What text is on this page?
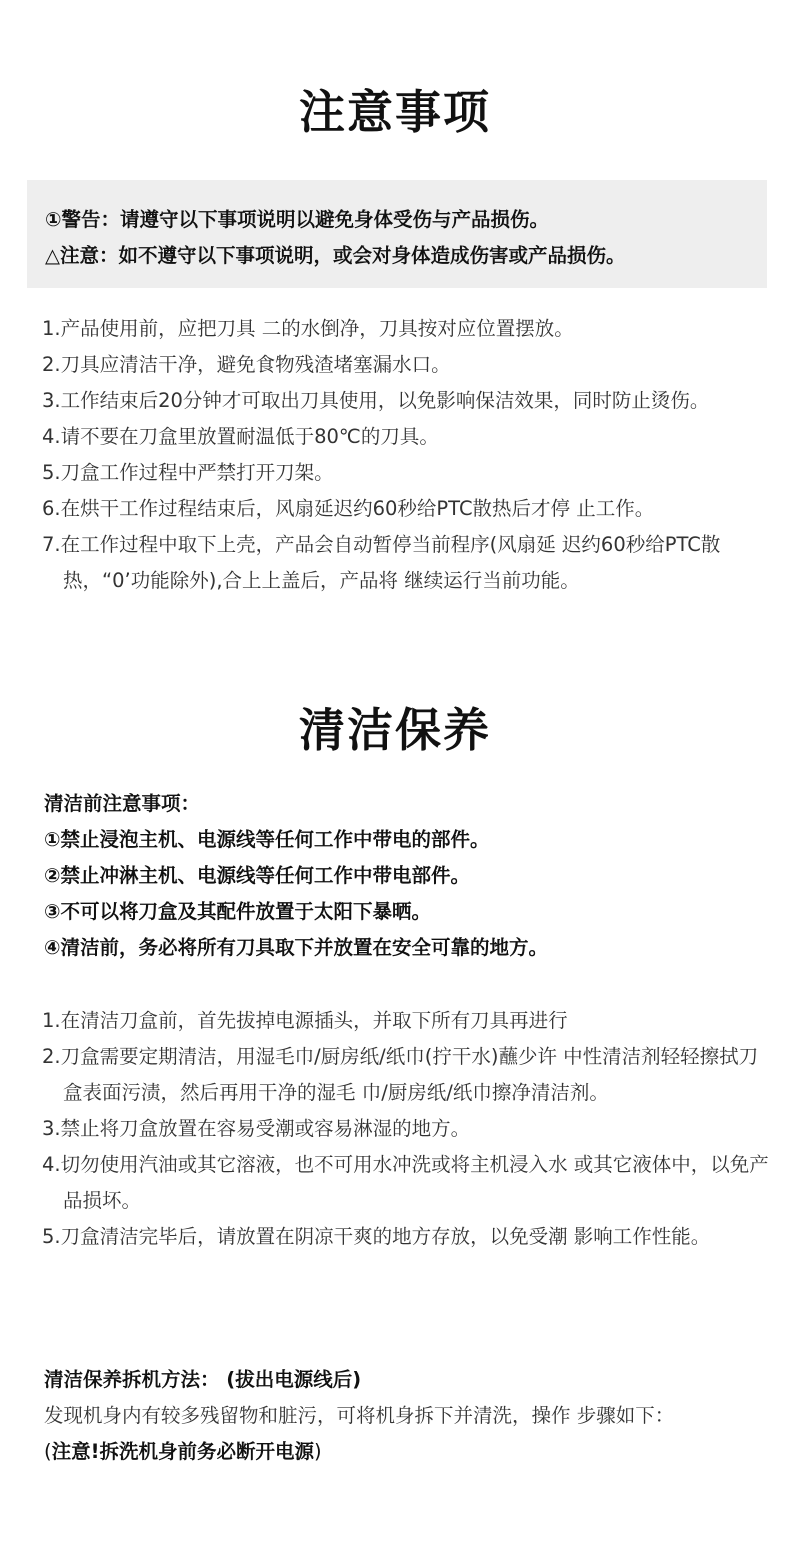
注意事项
①警告：请遵守以下事项说明以避免身体受伤与产品损伤。
△注意：如不遵守以下事项说明，或会对身体造成伤害或产品损伤。
1.产品使用前，应把刀具 二的水倒净，刀具按对应位置摆放。
2.刀具应清洁干净，避免食物残渣堵塞漏水口。
3.工作结束后20分钟才可取出刀具使用，以免影响保洁效果，同时防止烫伤。
4.请不要在刀盒里放置耐温低于80℃的刀具。
5.刀盒工作过程中严禁打开刀架。
6.在烘干工作过程结束后，风扇延迟约60秒给PTC散热后才停 止工作。
7.在工作过程中取下上壳，产品会自动暂停当前程序(风扇延 迟约60秒给PTC散热，“0’功能除外),合上上盖后，产品将 继续运行当前功能。
清洁保养
清洁前注意事项：
①禁止浸泡主机、电源线等任何工作中带电的部件。
②禁止冲淋主机、电源线等任何工作中带电部件。
③不可以将刀盒及其配件放置于太阳下暴晒。
④清洁前，务必将所有刀具取下并放置在安全可靠的地方。
1.在清洁刀盒前，首先拔掉电源插头，并取下所有刀具再进行
2.刀盒需要定期清洁，用湿毛巾/厨房纸/纸巾(拧干水)蘸少许 中性清洁剂轻轻擦拭刀盒表面污渍，然后再用干净的湿毛 巾/厨房纸/纸巾擦净清洁剂。
3.禁止将刀盒放置在容易受潮或容易淋湿的地方。
4.切勿使用汽油或其它溶液，也不可用水冲洗或将主机浸入水 或其它液体中，以免产品损坏。
5.刀盒清洁完毕后，请放置在阴凉干爽的地方存放，以免受潮 影响工作性能。
清洁保养拆机方法： (拔出电源线后)
发现机身内有较多残留物和脏污，可将机身拆下并清洗，操作 步骤如下：
(注意!拆洗机身前务必断开电源)
